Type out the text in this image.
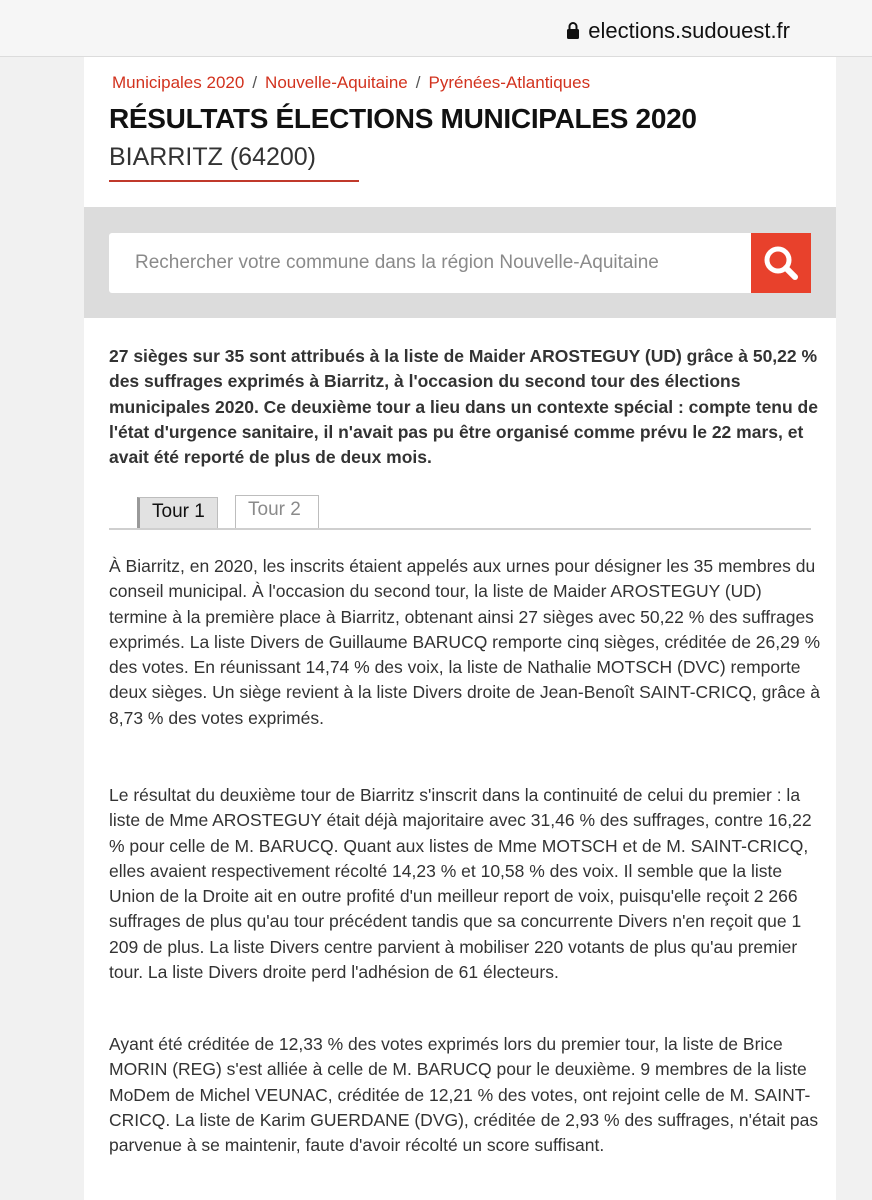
elections.sudouest.fr
Municipales 2020 / Nouvelle-Aquitaine / Pyrénées-Atlantiques
RÉSULTATS ÉLECTIONS MUNICIPALES 2020
BIARRITZ (64200)
Rechercher votre commune dans la région Nouvelle-Aquitaine

27 sièges sur 35 sont attribués à la liste de Maider AROSTEGUY (UD) grâce à 50,22 % des suffrages exprimés à Biarritz, à l'occasion du second tour des élections municipales 2020. Ce deuxième tour a lieu dans un contexte spécial : compte tenu de l'état d'urgence sanitaire, il n'avait pas pu être organisé comme prévu le 22 mars, et avait été reporté de plus de deux mois.

Tour 1	Tour 2

À Biarritz, en 2020, les inscrits étaient appelés aux urnes pour désigner les 35 membres du conseil municipal. À l'occasion du second tour, la liste de Maider AROSTEGUY (UD) termine à la première place à Biarritz, obtenant ainsi 27 sièges avec 50,22 % des suffrages exprimés. La liste Divers de Guillaume BARUCQ remporte cinq sièges, créditée de 26,29 % des votes. En réunissant 14,74 % des voix, la liste de Nathalie MOTSCH (DVC) remporte deux sièges. Un siège revient à la liste Divers droite de Jean-Benoît SAINT-CRICQ, grâce à 8,73 % des votes exprimés.

Le résultat du deuxième tour de Biarritz s'inscrit dans la continuité de celui du premier : la liste de Mme AROSTEGUY était déjà majoritaire avec 31,46 % des suffrages, contre 16,22 % pour celle de M. BARUCQ. Quant aux listes de Mme MOTSCH et de M. SAINT-CRICQ, elles avaient respectivement récolté 14,23 % et 10,58 % des voix. Il semble que la liste Union de la Droite ait en outre profité d'un meilleur report de voix, puisqu'elle reçoit 2 266 suffrages de plus qu'au tour précédent tandis que sa concurrente Divers n'en reçoit que 1 209 de plus. La liste Divers centre parvient à mobiliser 220 votants de plus qu'au premier tour. La liste Divers droite perd l'adhésion de 61 électeurs.

Ayant été créditée de 12,33 % des votes exprimés lors du premier tour, la liste de Brice MORIN (REG) s'est alliée à celle de M. BARUCQ pour le deuxième. 9 membres de la liste MoDem de Michel VEUNAC, créditée de 12,21 % des votes, ont rejoint celle de M. SAINT-CRICQ. La liste de Karim GUERDANE (DVG), créditée de 2,93 % des suffrages, n'était pas parvenue à se maintenir, faute d'avoir récolté un score suffisant.
